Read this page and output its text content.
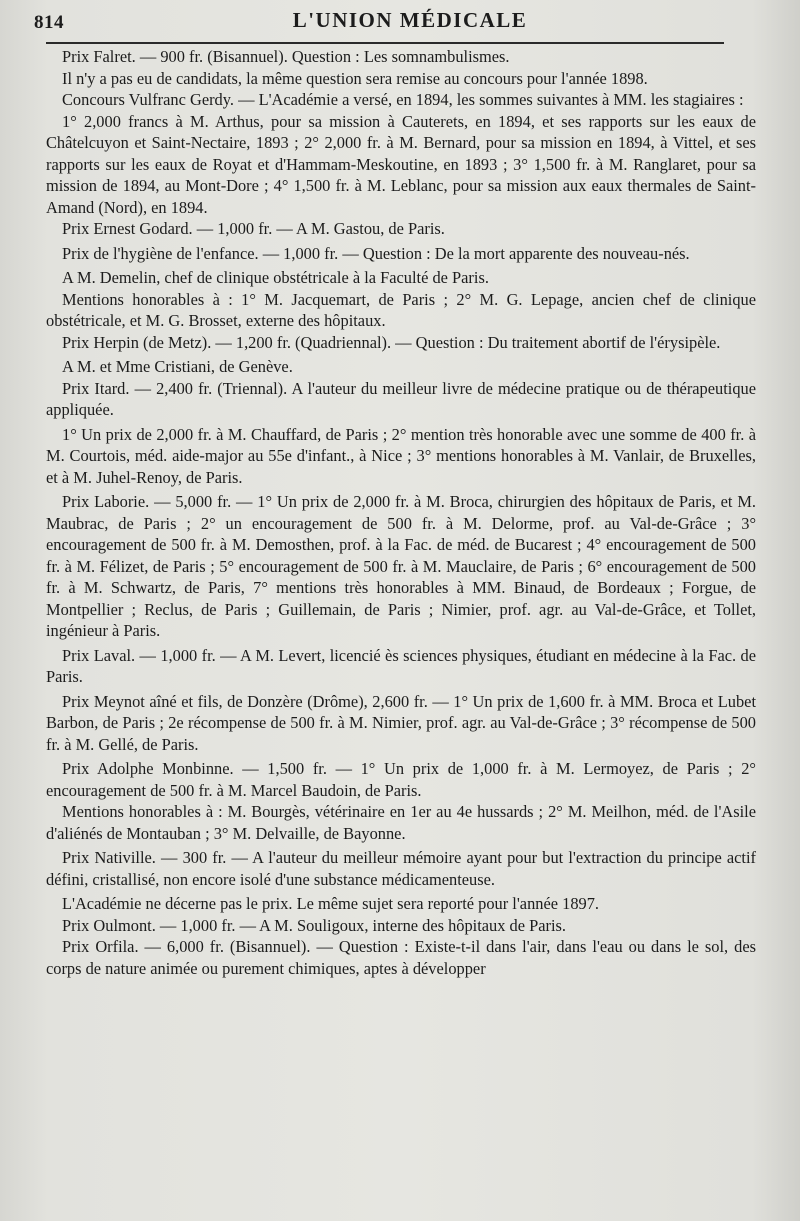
814	L'UNION MÉDICALE

Prix Falret. — 900 fr. (Bisannuel). Question : Les somnambulismes.

Il n'y a pas eu de candidats, la même question sera remise au concours pour l'année 1898.

Concours Vulfranc Gerdy. — L'Académie a versé, en 1894, les sommes suivantes à MM. les stagiaires :

1° 2,000 francs à M. Arthus, pour sa mission à Cauterets, en 1894, et ses rapports sur les eaux de Châtelcuyon et Saint-Nectaire, 1893 ; 2° 2,000 fr. à M. Bernard, pour sa mission en 1894, à Vittel, et ses rapports sur les eaux de Royat et d'Hammam-Meskoutine, en 1893 ; 3° 1,500 fr. à M. Ranglaret, pour sa mission de 1894, au Mont-Dore ; 4° 1,500 fr. à M. Leblanc, pour sa mission aux eaux thermales de Saint-Amand (Nord), en 1894.

Prix Ernest Godard. — 1,000 fr. — A M. Gastou, de Paris.

Prix de l'hygiène de l'enfance. — 1,000 fr. — Question : De la mort apparente des nouveau-nés.

A M. Demelin, chef de clinique obstétricale à la Faculté de Paris.

Mentions honorables à : 1° M. Jacquemart, de Paris ; 2° M. G. Lepage, ancien chef de clinique obstétricale, et M. G. Brosset, externe des hôpitaux.

Prix Herpin (de Metz). — 1,200 fr. (Quadriennal). — Question : Du traitement abortif de l'érysipèle.

A M. et Mme Cristiani, de Genève.

Prix Itard. — 2,400 fr. (Triennal). A l'auteur du meilleur livre de médecine pratique ou de thérapeutique appliquée.

1° Un prix de 2,000 fr. à M. Chauffard, de Paris ; 2° mention très honorable avec une somme de 400 fr. à M. Courtois, méd. aide-major au 55e d'infant., à Nice ; 3° mentions honorables à M. Vanlair, de Bruxelles, et à M. Juhel-Renoy, de Paris.

Prix Laborie. — 5,000 fr. — 1° Un prix de 2,000 fr. à M. Broca, chirurgien des hôpitaux de Paris, et M. Maubrac, de Paris ; 2° un encouragement de 500 fr. à M. Delorme, prof. au Val-de-Grâce ; 3° encouragement de 500 fr. à M. Demosthen, prof. à la Fac. de méd. de Bucarest ; 4° encouragement de 500 fr. à M. Félizet, de Paris ; 5° encouragement de 500 fr. à M. Mauclaire, de Paris ; 6° encouragement de 500 fr. à M. Schwartz, de Paris, 7° mentions très honorables à MM. Binaud, de Bordeaux ; Forgue, de Montpellier ; Reclus, de Paris ; Guillemain, de Paris ; Nimier, prof. agr. au Val-de-Grâce, et Tollet, ingénieur à Paris.

Prix Laval. — 1,000 fr. — A M. Levert, licencié ès sciences physiques, étudiant en médecine à la Fac. de Paris.

Prix Meynot aîné et fils, de Donzère (Drôme), 2,600 fr. — 1° Un prix de 1,600 fr. à MM. Broca et Lubet Barbon, de Paris ; 2e récompense de 500 fr. à M. Nimier, prof. agr. au Val-de-Grâce ; 3° récompense de 500 fr. à M. Gellé, de Paris.

Prix Adolphe Monbinne. — 1,500 fr. — 1° Un prix de 1,000 fr. à M. Lermoyez, de Paris ; 2° encouragement de 500 fr. à M. Marcel Baudoin, de Paris.

Mentions honorables à : M. Bourgès, vétérinaire en 1er au 4e hussards ; 2° M. Meilhon, méd. de l'Asile d'aliénés de Montauban ; 3° M. Delvaille, de Bayonne.

Prix Nativille. — 300 fr. — A l'auteur du meilleur mémoire ayant pour but l'extraction du principe actif défini, cristallisé, non encore isolé d'une substance médicamenteuse.

L'Académie ne décerne pas le prix. Le même sujet sera reporté pour l'année 1897.

Prix Oulmont. — 1,000 fr. — A M. Souligoux, interne des hôpitaux de Paris.

Prix Orfila. — 6,000 fr. (Bisannuel). — Question : Existe-t-il dans l'air, dans l'eau ou dans le sol, des corps de nature animée ou purement chimiques, aptes à développer
